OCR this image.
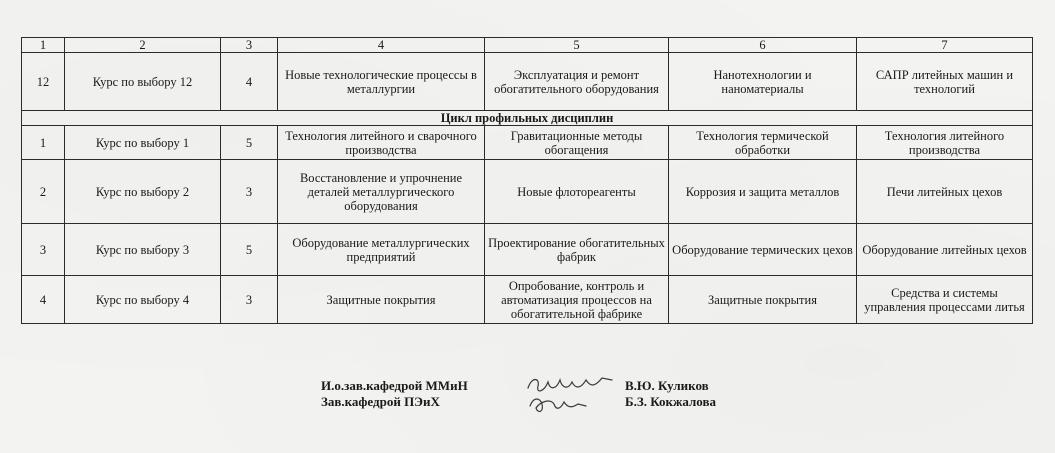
1	2	3	4	5	6	7
12	Курс по выбору 12	4	Новые технологические процессы в металлургии	Эксплуатация и ремонт обогатительного оборудования	Нанотехнологии и наноматериалы	САПР литейных машин и технологий
Цикл профильных дисциплин						
1	Курс по выбору 1	5	Технология литейного и сварочного производства	Гравитационные методы обогащения	Технология термической обработки	Технология литейного производства
2	Курс по выбору 2	3	Восстановление и упрочнение деталей металлургического оборудования	Новые флотореагенты	Коррозия и защита металлов	Печи литейных цехов
3	Курс по выбору 3	5	Оборудование металлургических предприятий	Проектирование обогатительных фабрик	Оборудование термических цехов	Оборудование литейных цехов
4	Курс по выбору 4	3	Защитные покрытия	Опробование, контроль и автоматизация процессов на обогатительной фабрике	Защитные покрытия	Средства и системы управления процессами литья
И.о.зав.кафедрой ММиН
Зав.кафедрой ПЭиХ
В.Ю. Куликов
Б.З. Кокжалова
